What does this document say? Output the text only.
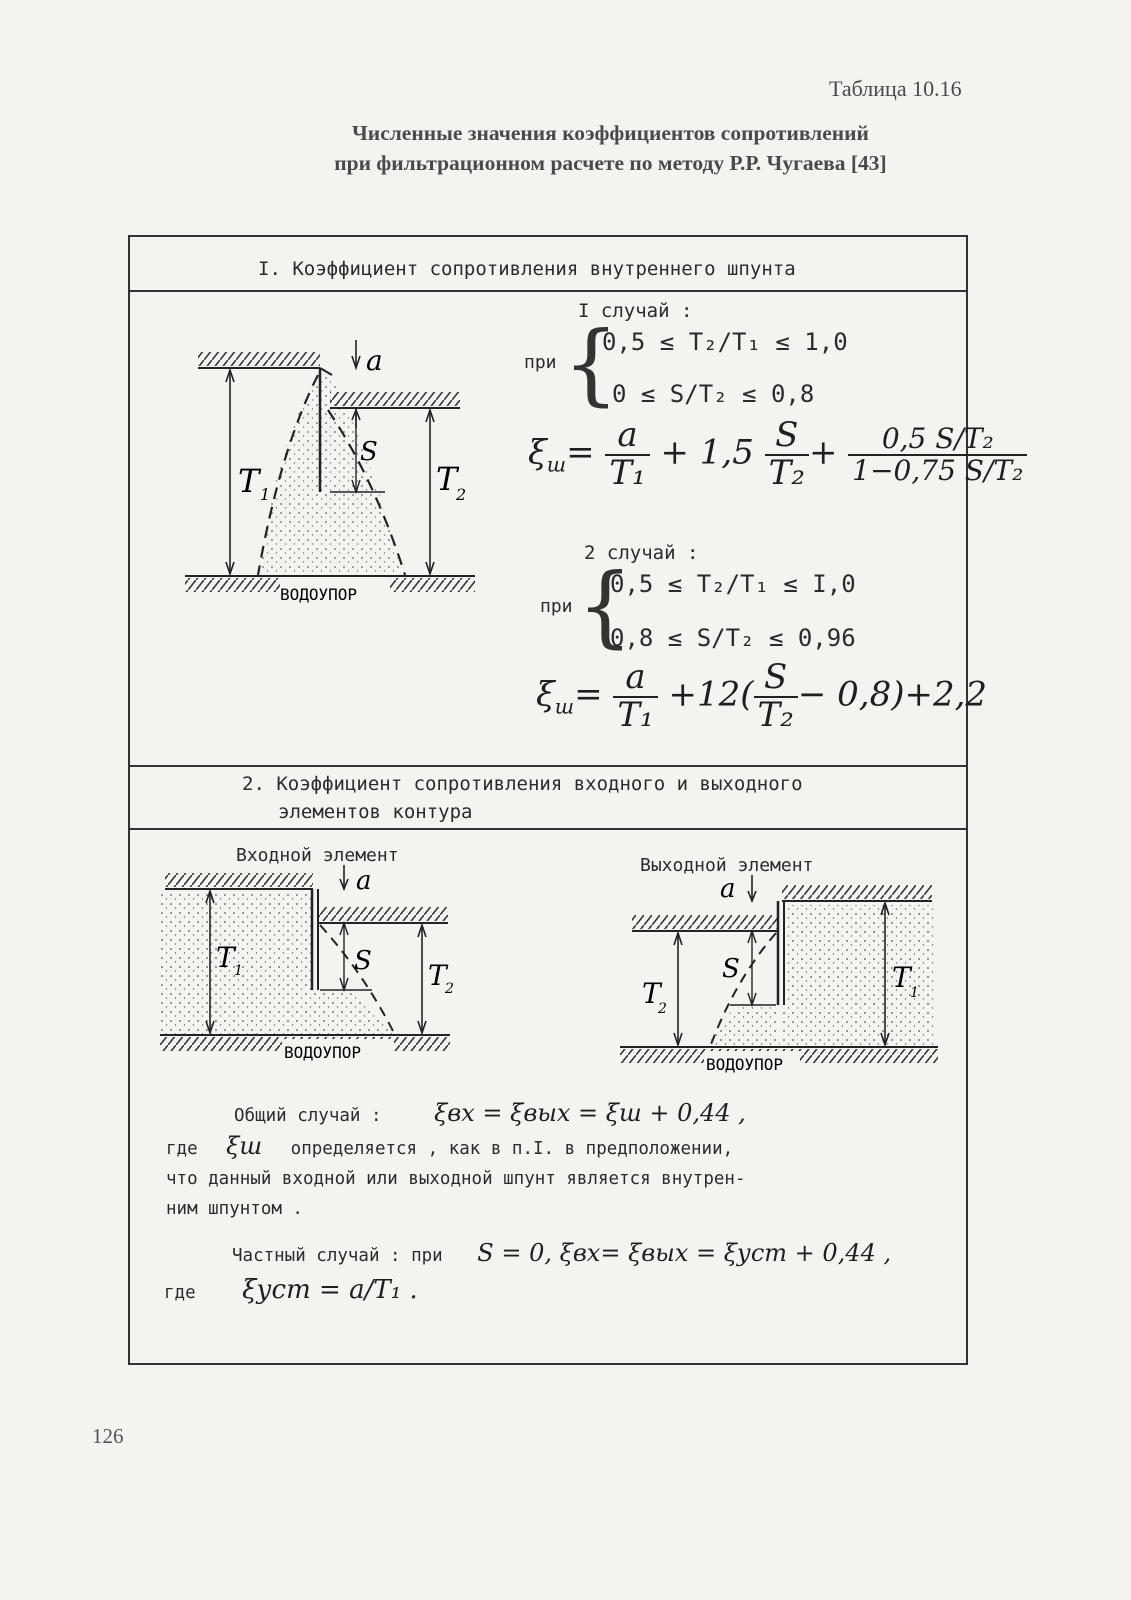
Таблица 10.16
Численные значения коэффициентов сопротивлений
при фильтрационном расчете по методу Р.Р. Чугаева [43]
I. Коэффициент сопротивления внутреннего шпунта
a
S
T 1	T
2
ВОДОУПОР
I случай :
при {
0,5 ≤ T₂/T₁ ≤ 1,0
0 ≤ S/T₂ ≤ 0,8
$\xi_ш= \frac{a}{\text{T₁}} + 1,5 \frac{S}{\text{T₂}} + \frac{\text{0,5 S/T₂}}{\text{1−0,75 S/T₂}}$
2 случай :
при {
0,5 ≤ T₂/T₁ ≤ I,0
0,8 ≤ S/T₂ ≤ 0,96
$\xi_ш= \frac{a}{\text{T₁}} +12( \frac{S}{\text{T₂}} - 0,8)+2,2$
2. Коэффициент сопротивления входного и выходного
элементов контура
Входной элемент	Выходной элемент
a
S
T 1	T
2
ВОДОУПОР
a
S
T
2
T 1
ВОДОУПОР
Общий случай : ξвх = ξвых = ξш + 0,44 ,
где ξш определяется , как в п.I. в предположении,
что данный входной или выходной шпунт является внутрен-
ним шпунтом .
Частный случай : при S = 0, ξвх= ξвых = ξуст + 0,44 ,
где ξуст = a/T₁ .
126
